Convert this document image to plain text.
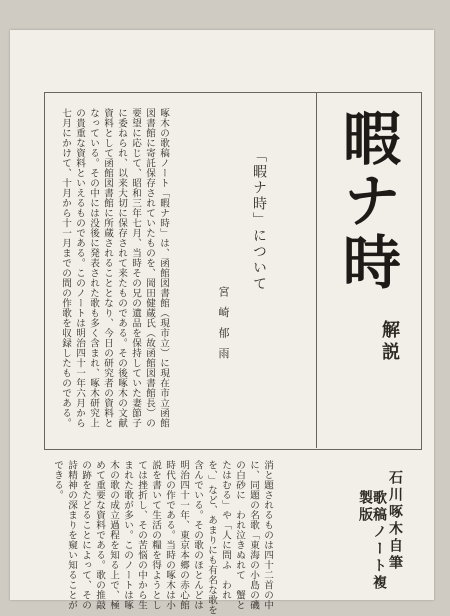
暇ナ時
解説
「暇ナ時」について
宮 崎 郁 雨
啄木の歌稿ノート「暇ナ時」は、函館図書館（現市立）に現在市立函館図書館に寄託保存されていたものを、岡田健蔵氏（故函館図書館長）の要望に応じて、昭和三年七月、当時その兄の遺品を保持していた妻節子に委ねられ、以来大切に保存されて来たものである。その後啄木の文献資料として函館図書館に所蔵されることとなり、今日の研究者の資料となっている。その中には没後に発表された歌も多く含まれ、啄木研究上の貴重な資料といえるものである。このノートは明治四十一年六月から七月にかけて、十月から十一月までの間の作歌を収録したものである。
消と題されるものは四十二首の中に、同題の名歌「東海の小島の磯の白砂に　われ泣きぬれて　蟹とたはむる」や「人に問ふ　われを、」など、あまりにも有名な歌を含んでいる。その歌のほとんどは明治四十一年、東京本郷の赤心館時代の作である。当時の啄木は小説を書いて生活の糧を得ようとしては挫折し、その苦悩の中から生まれた歌が多い。このノートは啄木の歌の成立過程を知る上で、極めて重要な資料である。歌の推敲の跡をたどることによって、その詩精神の深まりを窺い知ることができる。	石川啄木自筆
歌稿ノート複製版
